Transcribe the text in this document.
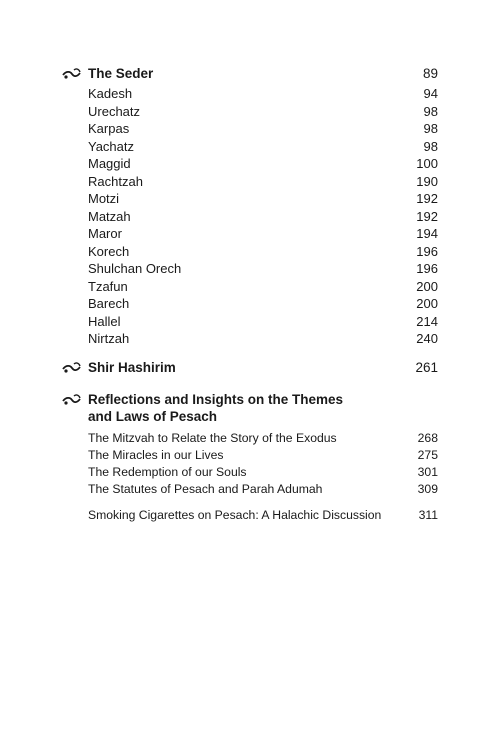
The Seder	89
Kadesh	94
Urechatz	98
Karpas	98
Yachatz	98
Maggid	100
Rachtzah	190
Motzi	192
Matzah	192
Maror	194
Korech	196
Shulchan Orech	196
Tzafun	200
Barech	200
Hallel	214
Nirtzah	240
Shir Hashirim	261
Reflections and Insights on the Themes
and Laws of Pesach
The Mitzvah to Relate the Story of the Exodus	268
The Miracles in our Lives	275
The Redemption of our Souls	301
The Statutes of Pesach and Parah Adumah	309
Smoking Cigarettes on Pesach: A Halachic Discussion	311
